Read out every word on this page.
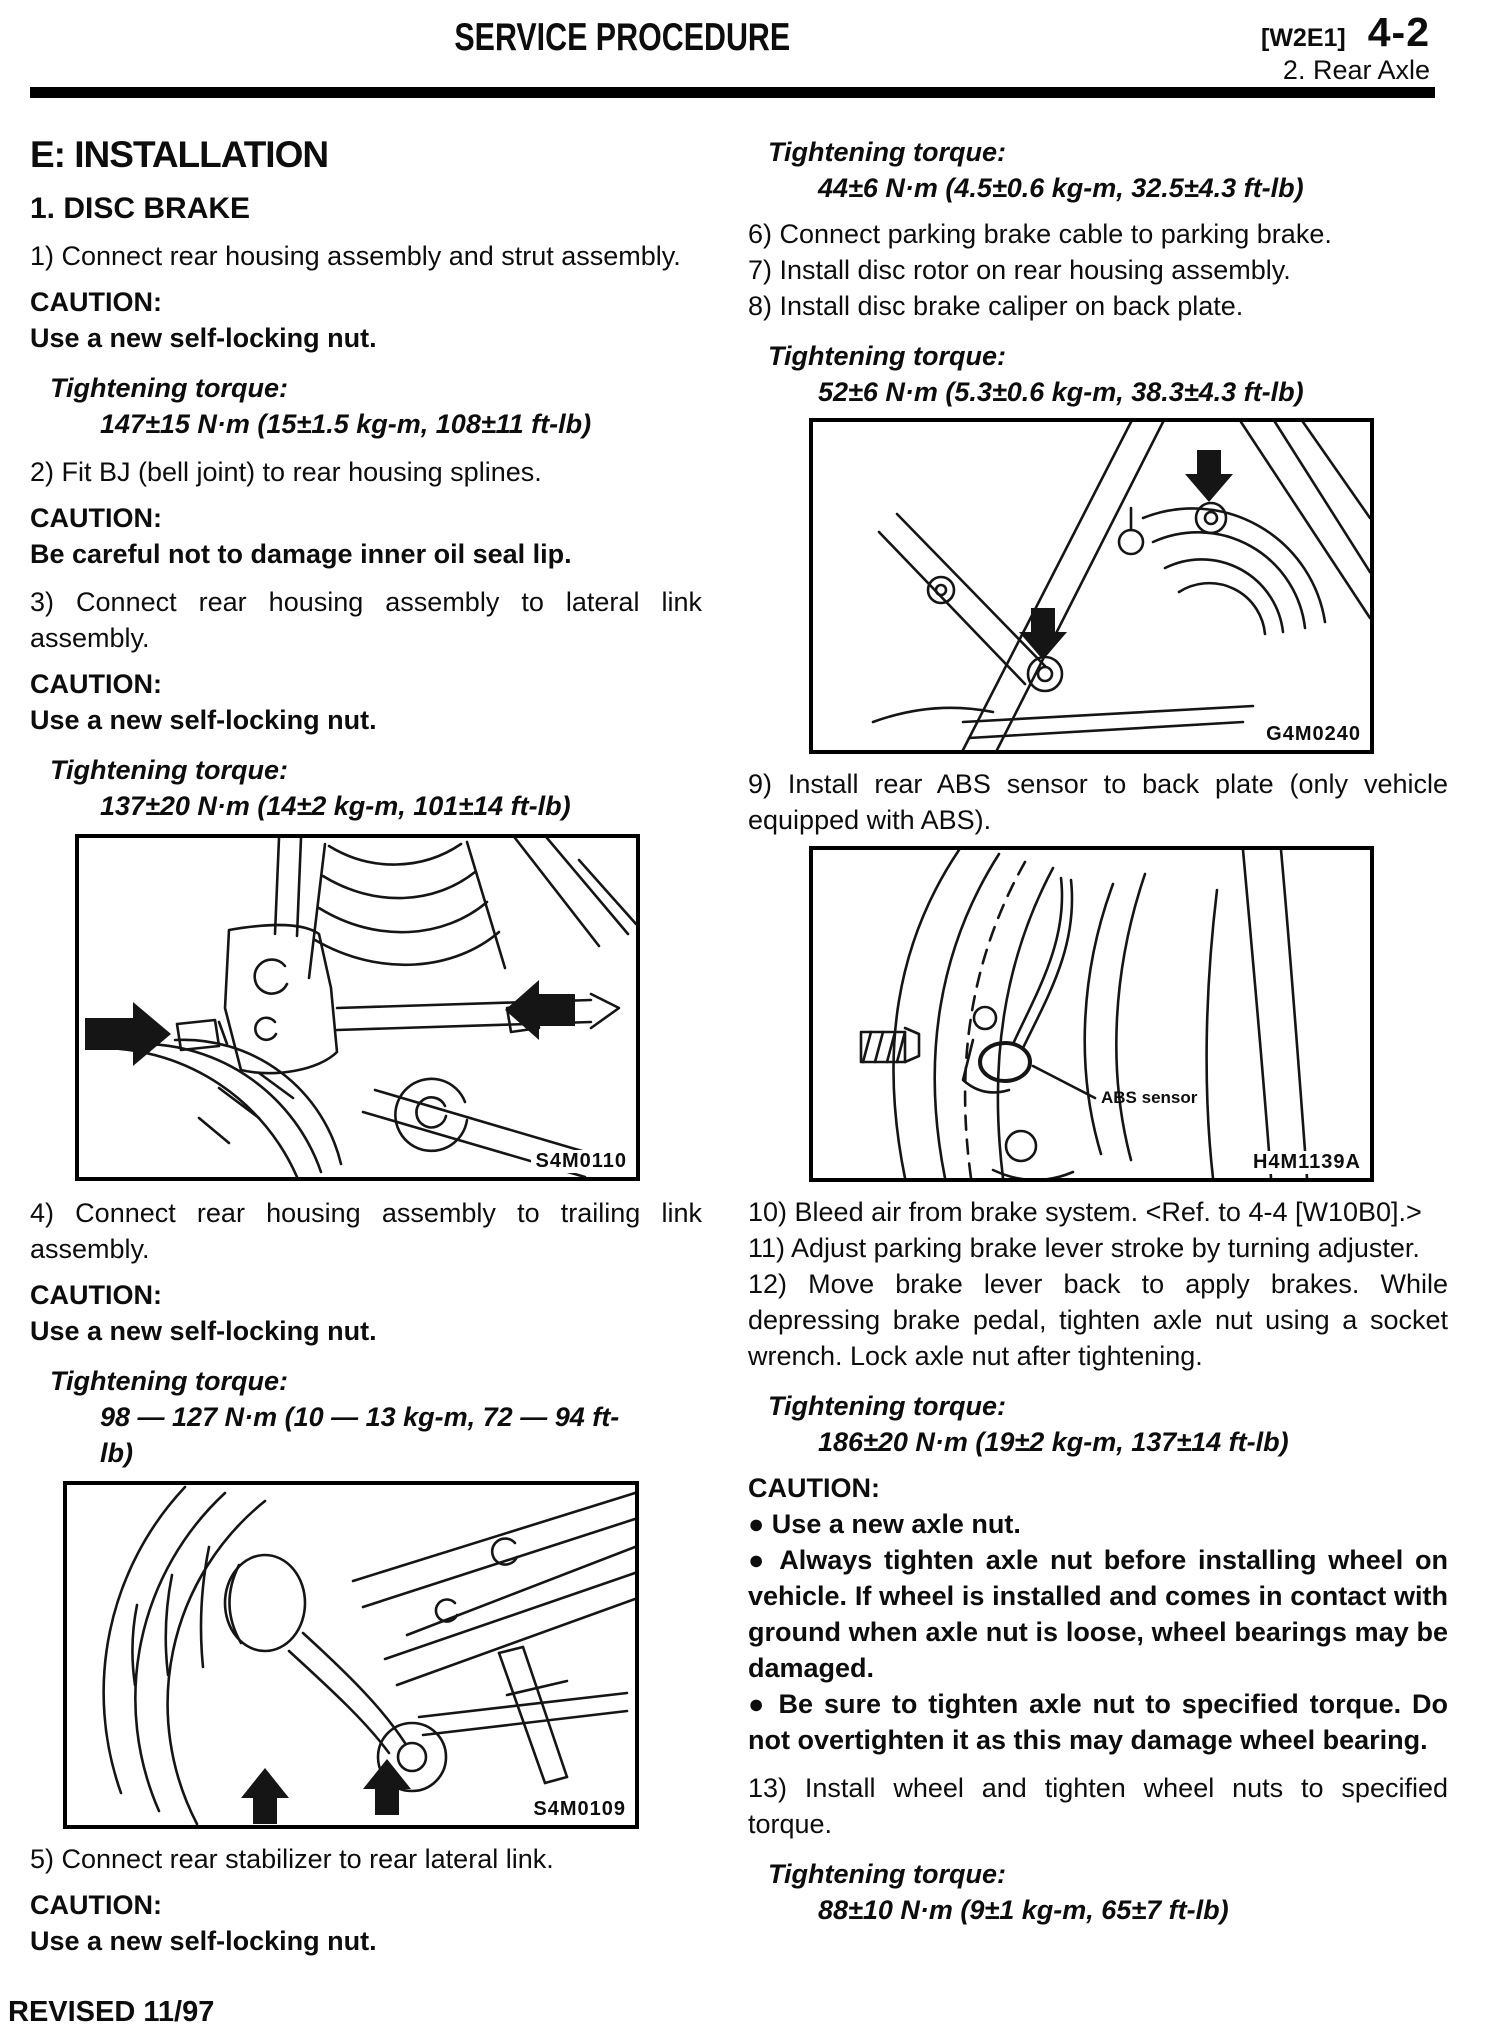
SERVICE PROCEDURE	[W2E1] 4-2
2. Rear Axle
E: INSTALLATION
1. DISC BRAKE

1) Connect rear housing assembly and strut assembly.

CAUTION:
Use a new self-locking nut.
Tightening torque:
147±15 N·m (15±1.5 kg-m, 108±11 ft-lb)

2) Fit BJ (bell joint) to rear housing splines.

CAUTION:
Be careful not to damage inner oil seal lip.

3) Connect rear housing assembly to lateral link assembly.

CAUTION:
Use a new self-locking nut.
Tightening torque:
137±20 N·m (14±2 kg-m, 101±14 ft-lb)
S4M0110

4) Connect rear housing assembly to trailing link assembly.

CAUTION:
Use a new self-locking nut.
Tightening torque:
98 — 127 N·m (10 — 13 kg-m, 72 — 94 ft-lb)
S4M0109

5) Connect rear stabilizer to rear lateral link.

CAUTION:
Use a new self-locking nut.
Tightening torque:
44±6 N·m (4.5±0.6 kg-m, 32.5±4.3 ft-lb)

6) Connect parking brake cable to parking brake.

7) Install disc rotor on rear housing assembly.

8) Install disc brake caliper on back plate.

Tightening torque:
52±6 N·m (5.3±0.6 kg-m, 38.3±4.3 ft-lb)
G4M0240

9) Install rear ABS sensor to back plate (only vehicle equipped with ABS).

ABS sensor
H4M1139A

10) Bleed air from brake system. <Ref. to 4-4 [W10B0].>

11) Adjust parking brake lever stroke by turning adjuster.

12) Move brake lever back to apply brakes. While depressing brake pedal, tighten axle nut using a socket wrench. Lock axle nut after tightening.

Tightening torque:
186±20 N·m (19±2 kg-m, 137±14 ft-lb)
CAUTION:

● Use a new axle nut.

● Always tighten axle nut before installing wheel on vehicle. If wheel is installed and comes in contact with ground when axle nut is loose, wheel bearings may be damaged.

● Be sure to tighten axle nut to specified torque. Do not overtighten it as this may damage wheel bearing.

13) Install wheel and tighten wheel nuts to specified torque.

Tightening torque:
88±10 N·m (9±1 kg-m, 65±7 ft-lb)
REVISED 11/97
